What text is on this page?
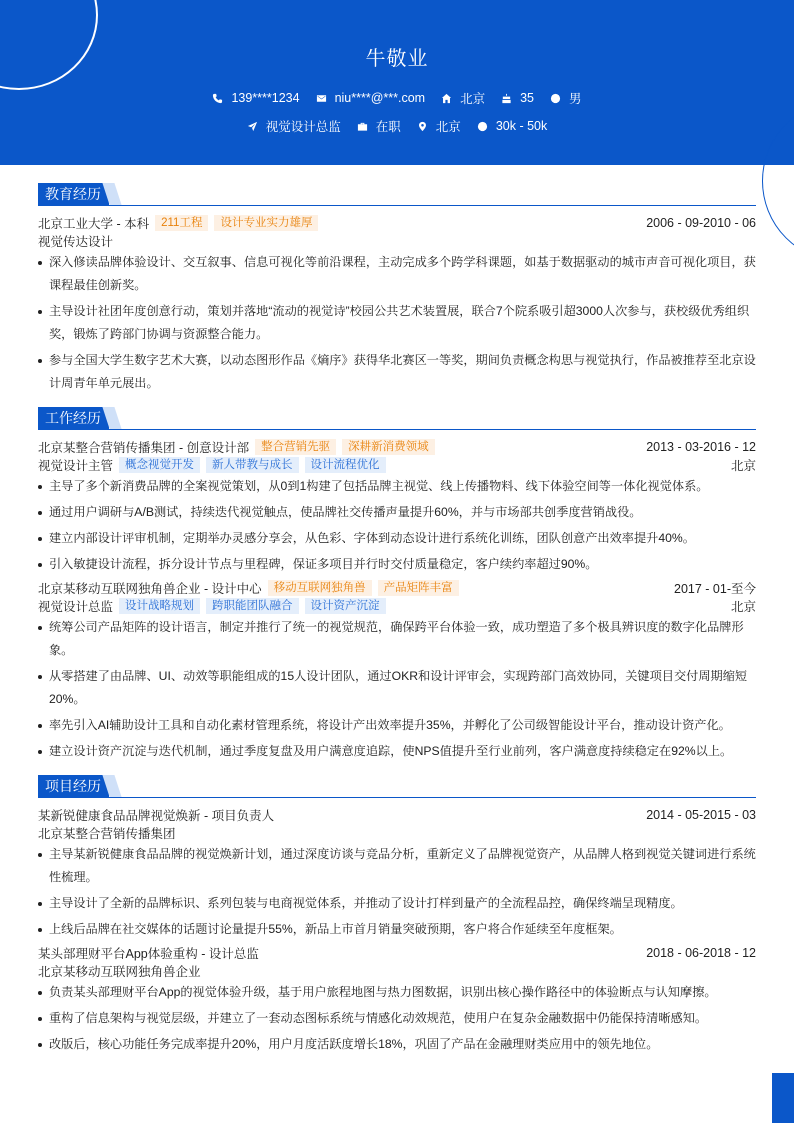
牛敬业
139****1234	niu****@***.com	北京	35	男
视觉设计总监	在职	北京	30k - 50k
教育经历
北京工业大学 - 本科	211工程	设计专业实力雄厚	2006 - 09-2010 - 06
视觉传达设计
深入修读品牌体验设计、交互叙事、信息可视化等前沿课程，主动完成多个跨学科课题，如基于数据驱动的城市声音可视化项目，获课程最佳创新奖。
主导设计社团年度创意行动，策划并落地“流动的视觉诗”校园公共艺术装置展，联合7个院系吸引超3000人次参与，获校级优秀组织奖，锻炼了跨部门协调与资源整合能力。
参与全国大学生数字艺术大赛，以动态图形作品《熵序》获得华北赛区一等奖，期间负责概念构思与视觉执行，作品被推荐至北京设计周青年单元展出。
工作经历
北京某整合营销传播集团 - 创意设计部	整合营销先驱	深耕新消费领域	2013 - 03-2016 - 12
视觉设计主管	概念视觉开发	新人带教与成长	设计流程优化	北京
主导了多个新消费品牌的全案视觉策划，从0到1构建了包括品牌主视觉、线上传播物料、线下体验空间等一体化视觉体系。
通过用户调研与A/B测试，持续迭代视觉触点，使品牌社交传播声量提升60%，并与市场部共创季度营销战役。
建立内部设计评审机制，定期举办灵感分享会，从色彩、字体到动态设计进行系统化训练，团队创意产出效率提升40%。
引入敏捷设计流程，拆分设计节点与里程碑，保证多项目并行时交付质量稳定，客户续约率超过90%。
北京某移动互联网独角兽企业 - 设计中心	移动互联网独角兽	产品矩阵丰富	2017 - 01-至今
视觉设计总监	设计战略规划	跨职能团队融合	设计资产沉淀	北京
统筹公司产品矩阵的设计语言，制定并推行了统一的视觉规范，确保跨平台体验一致，成功塑造了多个极具辨识度的数字化品牌形象。
从零搭建了由品牌、UI、动效等职能组成的15人设计团队，通过OKR和设计评审会，实现跨部门高效协同，关键项目交付周期缩短20%。
率先引入AI辅助设计工具和自动化素材管理系统，将设计产出效率提升35%，并孵化了公司级智能设计平台，推动设计资产化。
建立设计资产沉淀与迭代机制，通过季度复盘及用户满意度追踪，使NPS值提升至行业前列，客户满意度持续稳定在92%以上。
项目经历
某新锐健康食品品牌视觉焕新 - 项目负责人	2014 - 05-2015 - 03
北京某整合营销传播集团
主导某新锐健康食品品牌的视觉焕新计划，通过深度访谈与竞品分析，重新定义了品牌视觉资产，从品牌人格到视觉关键词进行系统性梳理。
主导设计了全新的品牌标识、系列包装与电商视觉体系，并推动了设计打样到量产的全流程品控，确保终端呈现精度。
上线后品牌在社交媒体的话题讨论量提升55%，新品上市首月销量突破预期，客户将合作延续至年度框架。
某头部理财平台App体验重构 - 设计总监	2018 - 06-2018 - 12
北京某移动互联网独角兽企业
负责某头部理财平台App的视觉体验升级，基于用户旅程地图与热力图数据，识别出核心操作路径中的体验断点与认知摩擦。
重构了信息架构与视觉层级，并建立了一套动态图标系统与情感化动效规范，使用户在复杂金融数据中仍能保持清晰感知。
改版后，核心功能任务完成率提升20%，用户月度活跃度增长18%，巩固了产品在金融理财类应用中的领先地位。
